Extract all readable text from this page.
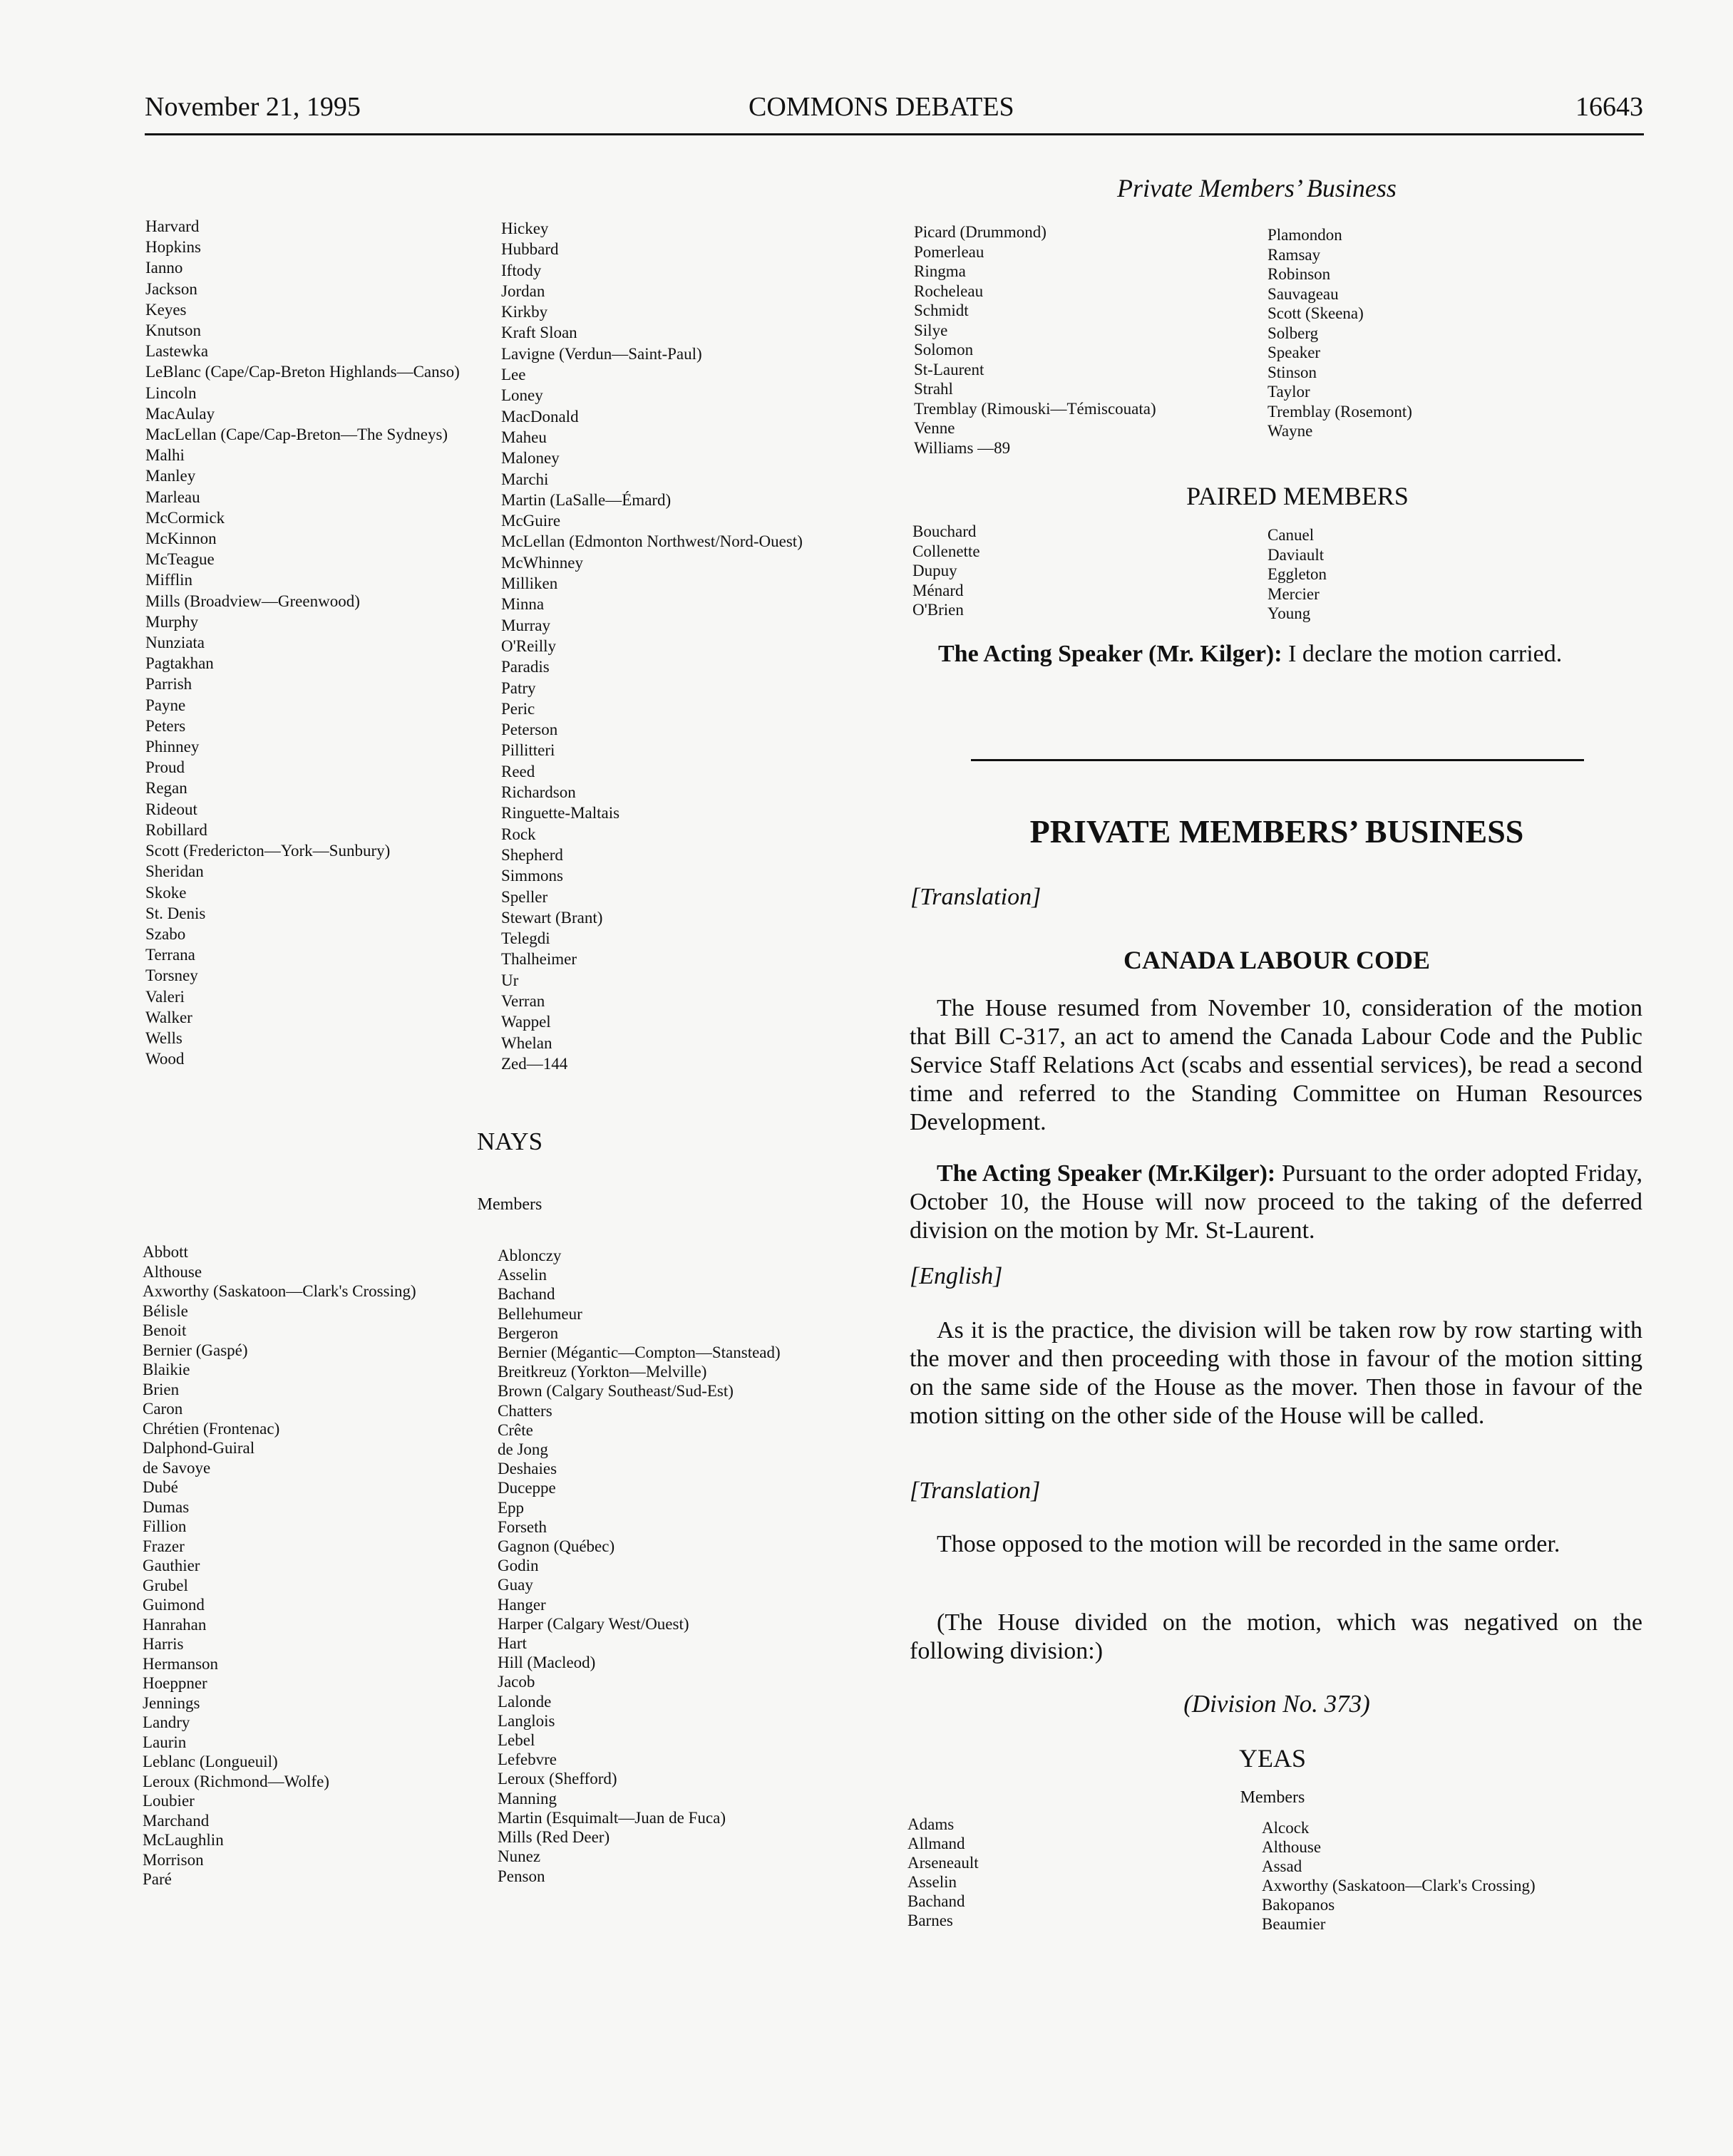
November 21, 1995	COMMONS DEBATES	16643
Harvard
Hopkins
Ianno
Jackson
Keyes
Knutson
Lastewka
LeBlanc (Cape/Cap-Breton Highlands—Canso)
Lincoln
MacAulay
MacLellan (Cape/Cap-Breton—The Sydneys)
Malhi
Manley
Marleau
McCormick
McKinnon
McTeague
Mifflin
Mills (Broadview—Greenwood)
Murphy
Nunziata
Pagtakhan
Parrish
Payne
Peters
Phinney
Proud
Regan
Rideout
Robillard
Scott (Fredericton—York—Sunbury)
Sheridan
Skoke
St. Denis
Szabo
Terrana
Torsney
Valeri
Walker
Wells
Wood
Hickey
Hubbard
Iftody
Jordan
Kirkby
Kraft Sloan
Lavigne (Verdun—Saint-Paul)
Lee
Loney
MacDonald
Maheu
Maloney
Marchi
Martin (LaSalle—Émard)
McGuire
McLellan (Edmonton Northwest/Nord-Ouest)
McWhinney
Milliken
Minna
Murray
O'Reilly
Paradis
Patry
Peric
Peterson
Pillitteri
Reed
Richardson
Ringuette-Maltais
Rock
Shepherd
Simmons
Speller
Stewart (Brant)
Telegdi
Thalheimer
Ur
Verran
Wappel
Whelan
Zed—144
NAYS
Members
Abbott
Althouse
Axworthy (Saskatoon—Clark's Crossing)
Bélisle
Benoit
Bernier (Gaspé)
Blaikie
Brien
Caron
Chrétien (Frontenac)
Dalphond-Guiral
de Savoye
Dubé
Dumas
Fillion
Frazer
Gauthier
Grubel
Guimond
Hanrahan
Harris
Hermanson
Hoeppner
Jennings
Landry
Laurin
Leblanc (Longueuil)
Leroux (Richmond—Wolfe)
Loubier
Marchand
McLaughlin
Morrison
Paré
Ablonczy
Asselin
Bachand
Bellehumeur
Bergeron
Bernier (Mégantic—Compton—Stanstead)
Breitkreuz (Yorkton—Melville)
Brown (Calgary Southeast/Sud-Est)
Chatters
Crête
de Jong
Deshaies
Duceppe
Epp
Forseth
Gagnon (Québec)
Godin
Guay
Hanger
Harper (Calgary West/Ouest)
Hart
Hill (Macleod)
Jacob
Lalonde
Langlois
Lebel
Lefebvre
Leroux (Shefford)
Manning
Martin (Esquimalt—Juan de Fuca)
Mills (Red Deer)
Nunez
Penson
Private Members’ Business
Picard (Drummond)
Pomerleau
Ringma
Rocheleau
Schmidt
Silye
Solomon
St-Laurent
Strahl
Tremblay (Rimouski—Témiscouata)
Venne
Williams —89
Plamondon
Ramsay
Robinson
Sauvageau
Scott (Skeena)
Solberg
Speaker
Stinson
Taylor
Tremblay (Rosemont)
Wayne
PAIRED MEMBERS
Bouchard
Collenette
Dupuy
Ménard
O'Brien
Canuel
Daviault
Eggleton
Mercier
Young

The Acting Speaker (Mr. Kilger): I declare the motion carried.

PRIVATE MEMBERS’ BUSINESS
[Translation]
CANADA LABOUR CODE

The House resumed from November 10, consideration of the motion that Bill C-317, an act to amend the Canada Labour Code and the Public Service Staff Relations Act (scabs and essential services), be read a second time and referred to the Standing Committee on Human Resources Development.

The Acting Speaker (Mr.Kilger): Pursuant to the order adopted Friday, October 10, the House will now proceed to the taking of the deferred division on the motion by Mr. St-Laurent.

[English]

As it is the practice, the division will be taken row by row starting with the mover and then proceeding with those in favour of the motion sitting on the same side of the House as the mover. Then those in favour of the motion sitting on the other side of the House will be called.

[Translation]

Those opposed to the motion will be recorded in the same order.

(The House divided on the motion, which was negatived on the following division:)

(Division No. 373)
YEAS
Members
Adams
Allmand
Arseneault
Asselin
Bachand
Barnes
Alcock
Althouse
Assad
Axworthy (Saskatoon—Clark's Crossing)
Bakopanos
Beaumier
